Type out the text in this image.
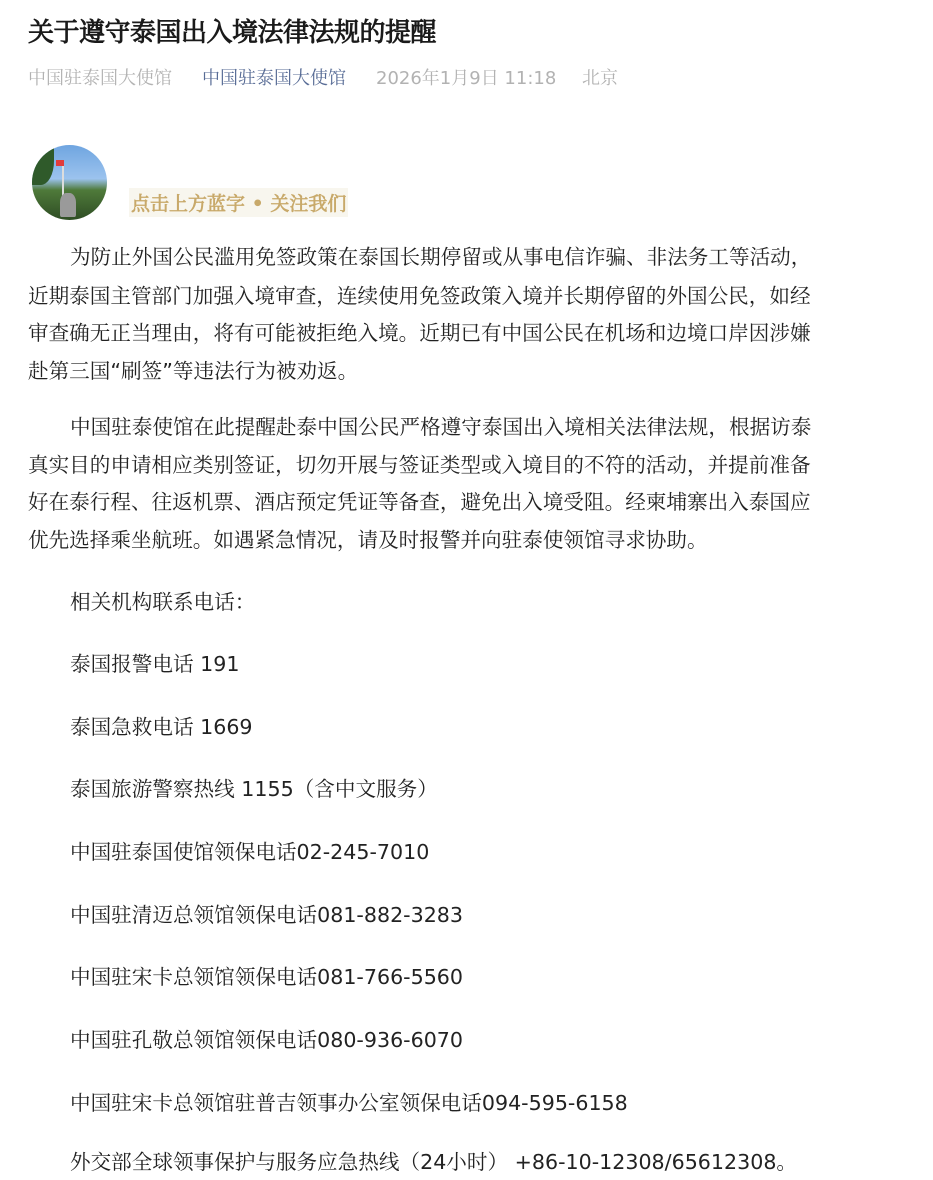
关于遵守泰国出入境法律法规的提醒
中国驻泰国大使馆 中国驻泰国大使馆 2026年1月9日 11:18 北京
点击上方蓝字 • 关注我们
为防止外国公民滥用免签政策在泰国长期停留或从事电信诈骗、非法务工等活动，
近期泰国主管部门加强入境审查，连续使用免签政策入境并长期停留的外国公民，如经
审查确无正当理由，将有可能被拒绝入境。近期已有中国公民在机场和边境口岸因涉嫌
赴第三国“刷签”等违法行为被劝返。
中国驻泰使馆在此提醒赴泰中国公民严格遵守泰国出入境相关法律法规，根据访泰
真实目的申请相应类别签证，切勿开展与签证类型或入境目的不符的活动，并提前准备
好在泰行程、往返机票、酒店预定凭证等备查，避免出入境受阻。经柬埔寨出入泰国应
优先选择乘坐航班。如遇紧急情况，请及时报警并向驻泰使领馆寻求协助。
相关机构联系电话：
泰国报警电话 191
泰国急救电话 1669
泰国旅游警察热线 1155（含中文服务）
中国驻泰国使馆领保电话02-245-7010
中国驻清迈总领馆领保电话081-882-3283
中国驻宋卡总领馆领保电话081-766-5560
中国驻孔敬总领馆领保电话080-936-6070
中国驻宋卡总领馆驻普吉领事办公室领保电话094-595-6158
外交部全球领事保护与服务应急热线（24小时） +86-10-12308/65612308。
